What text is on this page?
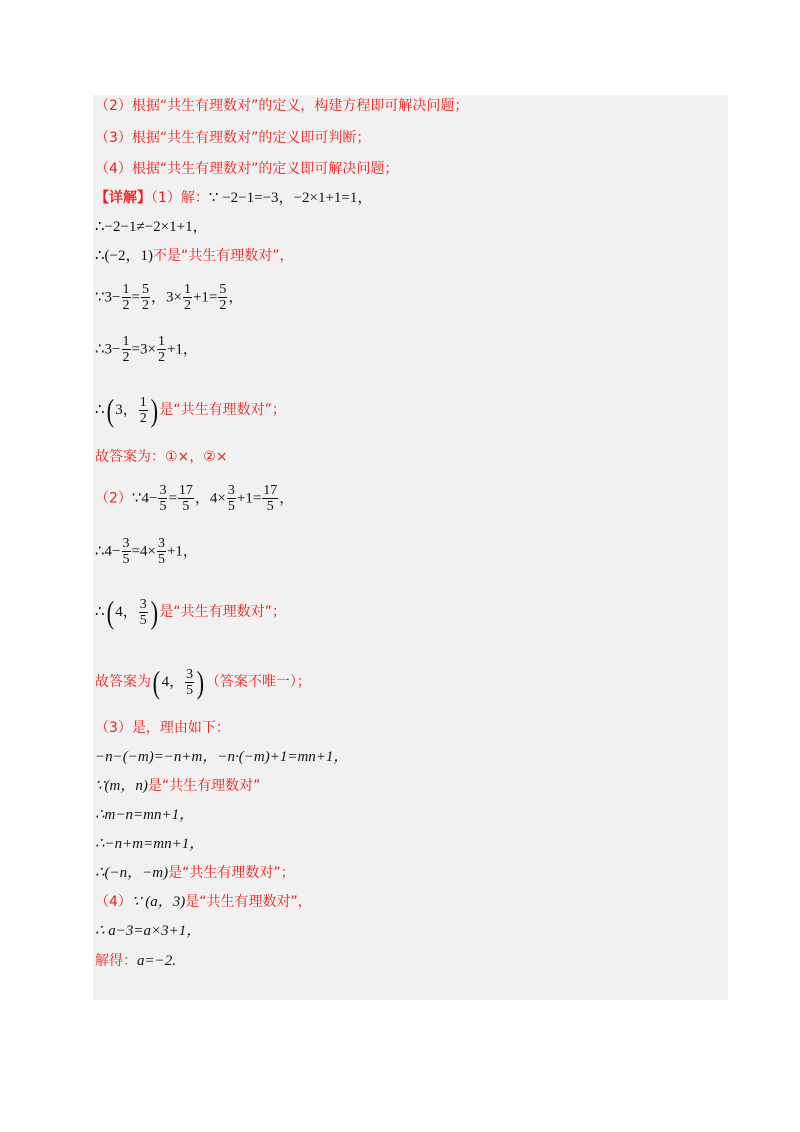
（2）根据“共生有理数对”的定义，构建方程即可解决问题；
（3）根据“共生有理数对”的定义即可判断；
（4）根据“共生有理数对”的定义即可解决问题；
【详解】（1）解：∵ −2−1=−3，−2×1+1=1，
∴−2−1≠−2×1+1，
∴(−2，1)不是“共生有理数对”，
∵3− $\frac{1}{2} = \frac{5}{2}$ ，$3\times \frac{1}{2} +1= \frac{5}{2}$ ，
∴3− $\frac{1}{2} =3\times \frac{1}{2} +1$，
∴( 3， $\frac{1}{2}$ ) 是“共生有理数对”；
故答案为：①×，②×
（2）∵4− $\frac{3}{5} = \frac{17}{5}$ ，$4\times \frac{3}{5} +1= \frac{17}{5}$ ，
∴4− $\frac{3}{5} =4\times \frac{3}{5} +1$，
∴( 4， $\frac{3}{5}$ ) 是“共生有理数对”；
故答案为( 4， $\frac{3}{5}$ ) （答案不唯一）；
（3）是，理由如下：
−n−(−m)=−n+m，−n·(−m)+1=mn+1，
∵(m，n)是“共生有理数对”
∴m−n=mn+1，
∴−n+m=mn+1，
∴(−n，−m)是“共生有理数对”；
（4）∵ (a，3)是“共生有理数对”，
∴ a−3=a×3+1，
解得：a=−2.
